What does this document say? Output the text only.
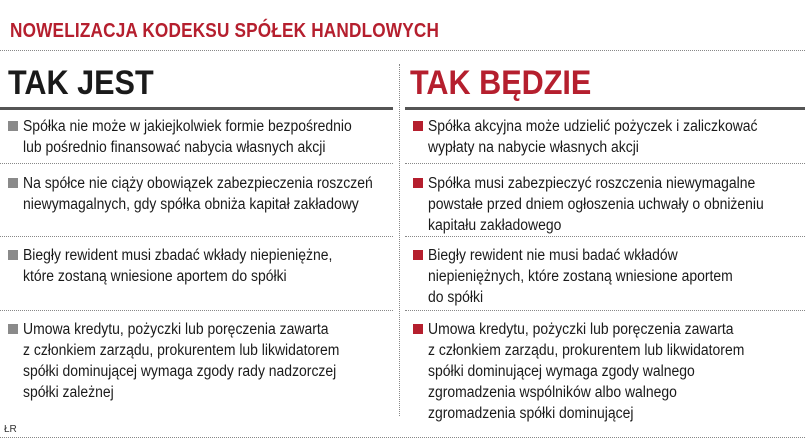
NOWELIZACJA KODEKSU SPÓŁEK HANDLOWYCH
TAK JEST	TAK BĘDZIE
Spółka nie może w jakiejkolwiek formie bezpośrednio
lub pośrednio finansować nabycia własnych akcji
Na spółce nie ciąży obowiązek zabezpieczenia roszczeń
niewymagalnych, gdy spółka obniża kapitał zakładowy
Biegły rewident musi zbadać wkłady niepieniężne,
które zostaną wniesione aportem do spółki
Umowa kredytu, pożyczki lub poręczenia zawarta
z członkiem zarządu, prokurentem lub likwidatorem
spółki dominującej wymaga zgody rady nadzorczej
spółki zależnej
Spółka akcyjna może udzielić pożyczek i zaliczkować
wypłaty na nabycie własnych akcji
Spółka musi zabezpieczyć roszczenia niewymagalne
powstałe przed dniem ogłoszenia uchwały o obniżeniu
kapitału zakładowego
Biegły rewident nie musi badać wkładów
niepieniężnych, które zostaną wniesione aportem
do spółki
Umowa kredytu, pożyczki lub poręczenia zawarta
z członkiem zarządu, prokurentem lub likwidatorem
spółki dominującej wymaga zgody walnego
zgromadzenia wspólników albo walnego
zgromadzenia spółki dominującej
ŁR
